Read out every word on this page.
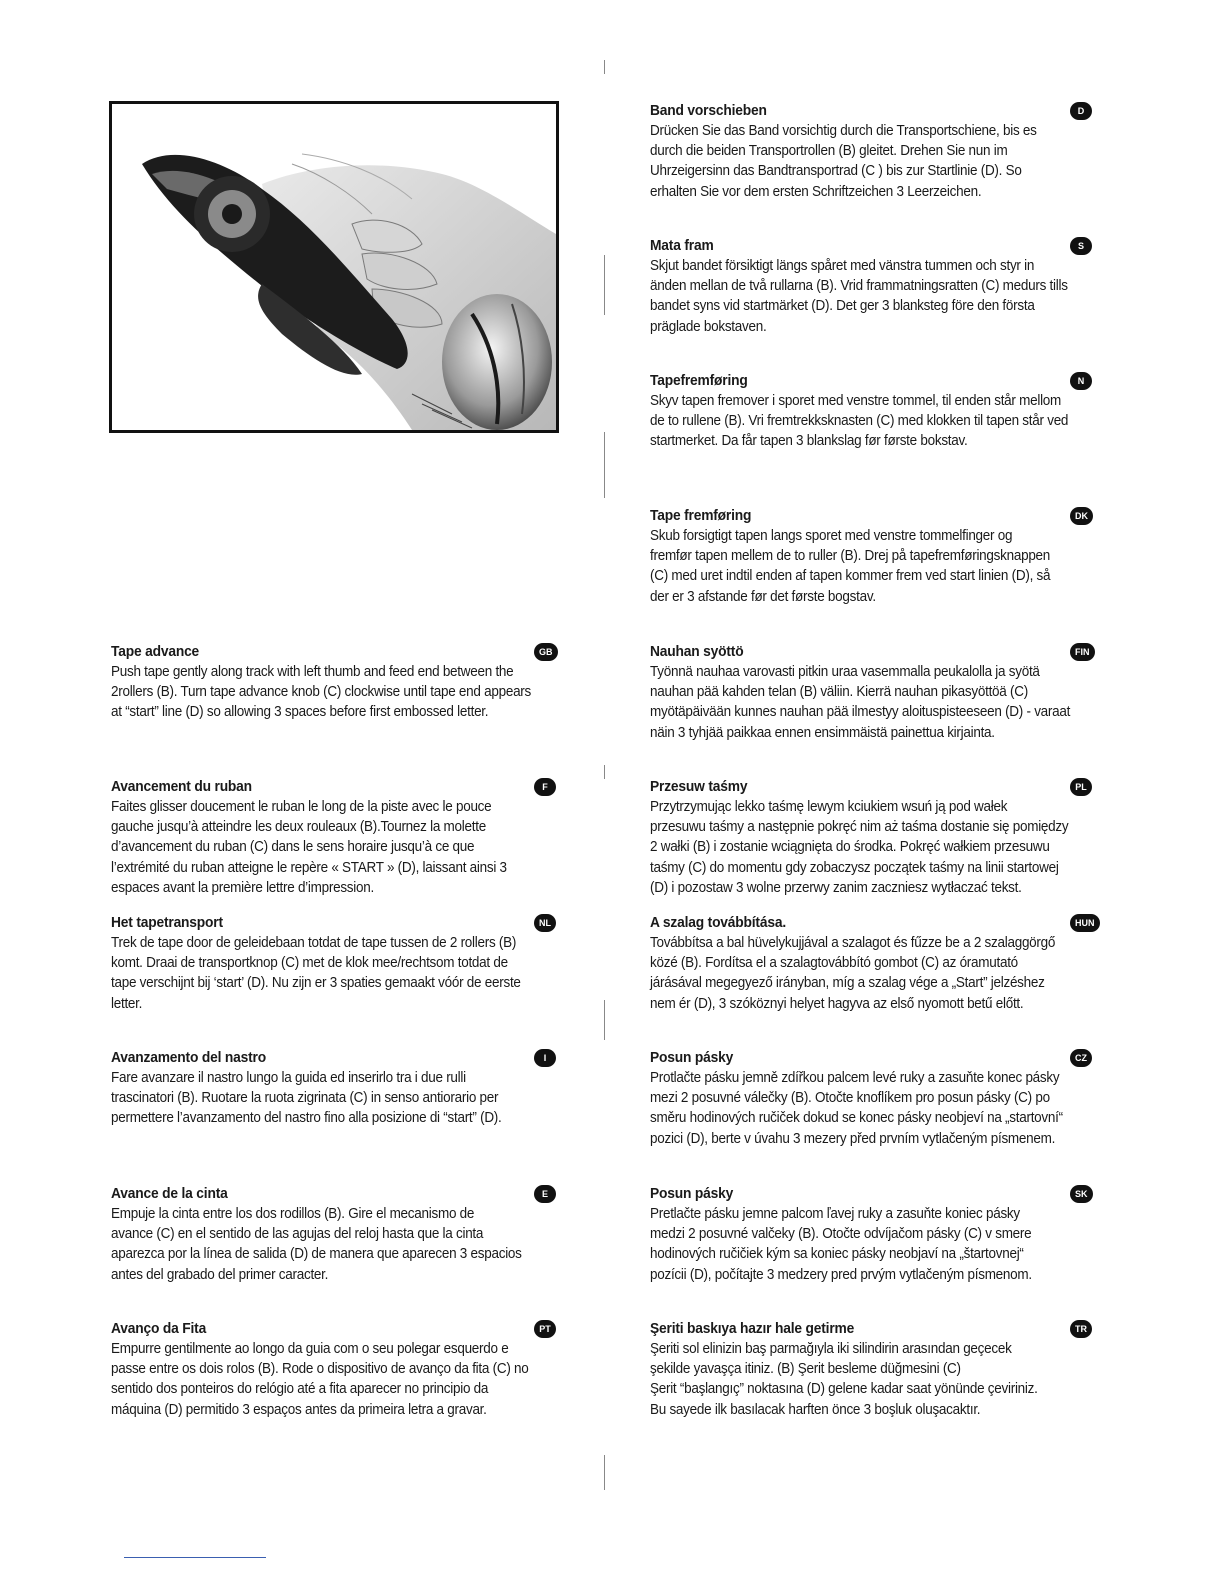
Band vorschieben	D

Drücken Sie das Band vorsichtig durch die Transportschiene, bis es
durch die beiden Transportrollen (B) gleitet. Drehen Sie nun im
Uhrzeigersinn das Bandtransportrad (C ) bis zur Startlinie (D). So
erhalten Sie vor dem ersten Schriftzeichen 3 Leerzeichen.

Mata fram	S

Skjut bandet försiktigt längs spåret med vänstra tummen och styr in
änden mellan de två rullarna (B). Vrid frammatningsratten (C) medurs tills
bandet syns vid startmärket (D). Det ger 3 blanksteg före den första
prägladе bokstaven.

Tapefremføring	N

Skyv tapen fremover i sporet med venstre tommel, til enden står mellom
de to rullene (B). Vri fremtrekksknasten (C) med klokken til tapen står ved
startmerket. Da får tapen 3 blankslag før første bokstav.

Tape fremføring	DK

Skub forsigtigt tapen langs sporet med venstre tommelfinger og
fremfør tapen mellem de to ruller (B). Drej på tapefremføringsknappen
(C) med uret indtil enden af tapen kommer frem ved start linien (D), så
der er 3 afstande før det første bogstav.

Tape advance	GB

Push tape gently along track with left thumb and feed end between the
2rollers (B). Turn tape advance knob (C) clockwise until tape end appears
at “start” line (D) so allowing 3 spaces before first embossed letter.

Nauhan syöttö	FIN

Työnnä nauhaa varovasti pitkin uraa vasemmalla peukalolla ja syötä
nauhan pää kahden telan (B) väliin. Kierrä nauhan pikasyöttöä (C)
myötäpäivään kunnes nauhan pää ilmestyy aloituspisteeseen (D) - varaat
näin 3 tyhjää paikkaa ennen ensimmäistä painettua kirjainta.

Avancement du ruban	F

Faites glisser doucement le ruban le long de la piste avec le pouce
gauche jusqu’à atteindre les deux rouleaux (B).Tournez la molette
d’avancement du ruban (C) dans le sens horaire jusqu’à ce que
l’extrémité du ruban atteigne le repère « START » (D), laissant ainsi 3
espaces avant la première lettre d’impression.

Przesuw taśmy	PL

Przytrzymując lekko taśmę lewym kciukiem wsuń ją pod wałek
przesuwu taśmy a następnie pokręć nim aż taśma dostanie się pomiędzy
2 wałki (B) i zostanie wciągnięta do środka. Pokręć wałkiem przesuwu
taśmy (C) do momentu gdy zobaczysz początek taśmy na linii startowej
(D) i pozostaw 3 wolne przerwy zanim zaczniesz wytłaczać tekst.

Het tapetransport	NL

Trek de tape door de geleidebaan totdat de tape tussen de 2 rollers (B)
komt. Draai de transportknop (C) met de klok mee/rechtsom totdat de
tape verschijnt bij ‘start’ (D). Nu zijn er 3 spaties gemaakt vóór de eerste
letter.

A szalag továbbítása.	HUN

Továbbítsa a bal hüvelykujjával a szalagot és fűzze be a 2 szalaggörgő
közé (B). Fordítsa el a szalagtovábbító gombot (C) az óramutató
járásával megegyező irányban, míg a szalag vége a „Start” jelzéshez
nem ér (D), 3 szóköznyi helyet hagyva az első nyomott betű előtt.

Avanzamento del nastro	I

Fare avanzare il nastro lungo la guida ed inserirlo tra i due rulli
trascinatori (B). Ruotare la ruota zigrinata (C) in senso antiorario per
permettere l’avanzamento del nastro fino alla posizione di “start” (D).

Posun pásky	CZ

Protlačte pásku jemně zdířkou palcem levé ruky a zasuňte konec pásky
mezi 2 posuvné válečky (B). Otočte knoflíkem pro posun pásky (C) po
směru hodinových ručiček dokud se konec pásky neobjeví na „startovní“
pozici (D), berte v úvahu 3 mezery před prvním vytlačeným písmenem.

Avance de la cinta	E

Empuje la cinta entre los dos rodillos (B). Gire el mecanismo de
avance (C) en el sentido de las agujas del reloj hasta que la cinta
aparezca por la línea de salida (D) de manera que aparecen 3 espacios
antes del grabado del primer caracter.

Posun pásky	SK

Pretlačte pásku jemne palcom ľavej ruky a zasuňte koniec pásky
medzi 2 posuvné valčeky (B). Otočte odvíjačom pásky (C) v smere
hodinových ručičiek kým sa koniec pásky neobjaví na „štartovnej“
pozícii (D), počítajte 3 medzery pred prvým vytlačeným písmenom.

Avanço da Fita	PT

Empurre gentilmente ao longo da guia com o seu polegar esquerdo e
passe entre os dois rolos (B). Rode o dispositivo de avanço da fita (C) no
sentido dos ponteiros do relógio até a fita aparecer no principio da
máquina (D) permitido 3 espaços antes da primeira letra a gravar.

Şeriti baskıya hazır hale getirme	TR

Şeriti sol elinizin baş parmağıyla iki silindirin arasından geçecek
şekilde yavaşça itiniz. (B) Şerit besleme düğmesini (C)
Şerit “başlangıç” noktasına (D) gelene kadar saat yönünde çeviriniz.
Bu sayede ilk basılacak harften önce 3 boşluk oluşacaktır.
